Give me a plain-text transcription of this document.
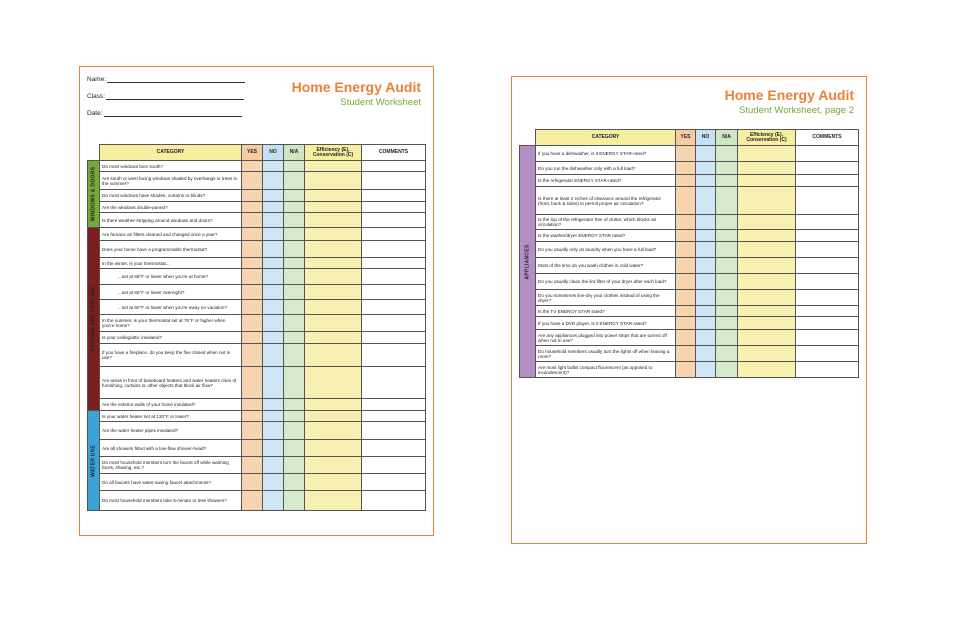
Home Energy Audit
Student Worksheet
Name:
Class:
Date:
	CATEGORY	YES	NO	N/A	Efficiency (E), Conservation (C)	COMMENTS

WINDOWS & DOORS	Do most windows face south?					
	Are south or west facing windows shaded by overhangs or trees in the summer?					
	Do most windows have shades, curtains or blinds?					
	Are the windows double-paned?					
	Is there weather-stripping around windows and doors?					

HEATING AND COOLING	Are furnace air filters cleaned and changed once a year?					
	Does your home have a programmable thermostat?					
	In the winter, is your thermostat...					

	...set at 68°F or lower when you're at home?					

	...set at 60°F or lower overnight?					

	...set at 60°F or lower when you're away on vacation?					

	In the summer, is your thermostat set at 75°F or higher when you're home?					
	Is your ceiling/attic insulated?					
	If you have a fireplace, do you keep the flue closed when not in use?					
	Are areas in front of baseboard heaters and water heaters clear of furnishing, curtains or other objects that block air flow?					
	Are the exterior walls of your home insulated?					

WATER USE	Is your water heater set at 120°F or lower?					
	Are the water heater pipes insulated?					
	Are all showers fitted with a low-flow shower-head?					
	Do most household members turn the faucet off while washing faces, shaving, etc.?					
	Do all faucets have water-saving faucet attachments?					
	Do most household members take 5-minute or less showers?					
Home Energy Audit
Student Worksheet, page 2
	CATEGORY	YES	NO	N/A	Efficiency (E), Conservation (C)	COMMENTS

APPLIANCES	If you have a dishwasher, is it ENERGY STAR-rated?					
	Do you run the dishwasher only with a full load?					
	Is the refrigerator ENERGY STAR-rated?					
	Is there at least 2 inches of clearance around the refrigerator (front, back & sides) to permit proper air circulation?					
	Is the top of the refrigerator free of clutter, which blocks air circulation?					
	Is the washer/dryer ENERGY STAR rated?					
	Do you usually only do laundry when you have a full load?					
	Most of the time do you wash clothes in cold water?					
	Do you usually clean the lint filter of your dryer after each load?					
	Do you sometimes line-dry your clothes instead of using the dryer?					
	Is the TV ENERGY STAR-rated?					
	If you have a DVD player, is it ENERGY STAR-rated?					
	Are any appliances plugged into power strips that are turned off when not in use?					
	Do household members usually turn the lights off when leaving a room?					
	Are most light bulbs compact fluorescent (as opposed to incandescent)?					
